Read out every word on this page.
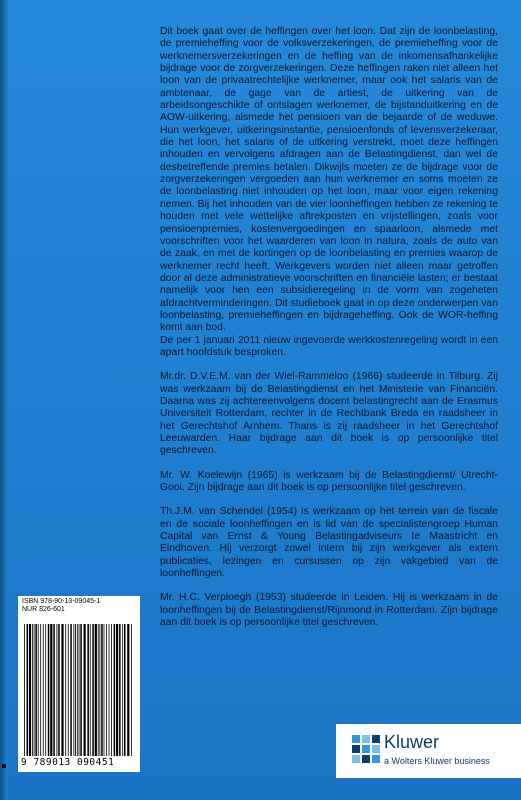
Dit boek gaat over de heffingen over het loon. Dat zijn de loonbelasting, de premieheffing voor de volksverzekeringen, de premieheffing voor de werknemersverzekeringen en de heffing van de inkomensafhankelijke bijdrage voor de zorgverzekeringen. Deze heffingen raken niet alleen het loon van de privaatrechtelijke werknemer, maar ook het salaris van de ambtenaar, de gage van de artiest, de uitkering van de arbeidsongeschikte of ontslagen werknemer, de bijstanduitkering en de AOW-uitkering, alsmede het pensioen van de bejaarde of de weduwe. Hun werkgever, uitkeringsinstantie, pensioenfonds of levensverzekeraar, die het loon, het salaris of de uitkering verstrekt, moet deze heffingen inhouden en vervolgens afdragen aan de Belastingdienst, dan wel de desbetreffende premies betalen. Dikwijls moeten ze de bijdrage voor de zorgverzekeringen vergoeden aan hun werknemer en soms moeten ze de loonbelasting niet inhouden op het loon, maar voor eigen rekening nemen. Bij het inhouden van de vier loonheffingen hebben ze rekening te houden met vele wettelijke aftrekposten en vrijstellingen, zoals voor pensioenpremies, kostenvergoedingen en spaarloon, alsmede met voorschriften voor het waarderen van loon in natura, zoals de auto van de zaak, en met de kortingen op de loonbelasting en premies waarop de werknemer recht heeft. Werkgevers worden niet alleen maar getroffen door al deze administratieve voorschriften en financiële lasten; er bestaat namelijk voor hen een subsidieregeling in de vorm van zogeheten afdrachtverminderingen. Dit studieboek gaat in op deze onderwerpen van loonbelasting, premieheffingen en bijdrageheffing. Ook de WOR-heffing komt aan bod.

De per 1 januari 2011 nieuw ingevoerde werkkostenregeling wordt in een apart hoofdstuk besproken.

Mr.dr. D.V.E.M. van der Wiel-Rammeloo (1966) studeerde in Tilburg. Zij was werkzaam bij de Belastingdienst en het Ministerie van Financiën. Daarna was zij achtereenvolgens docent belastingrecht aan de Erasmus Universiteit Rotterdam, rechter in de Rechtbank Breda en raadsheer in het Gerechtshof Arnhem. Thans is zij raadsheer in het Gerechtshof Leeuwarden. Haar bijdrage aan dit boek is op persoonlijke titel geschreven.

Mr. W. Koelewijn (1965) is werkzaam bij de Belastingdienst/ Utrecht-Gooi. Zijn bijdrage aan dit boek is op persoonlijke titel geschreven.

Th.J.M. van Schendel (1954) is werkzaam op het terrein van de fiscale en de sociale loonheffingen en is lid van de specialistengroep Human Capital van Ernst & Young Belastingadviseurs te Maastricht en Eindhoven. Hij verzorgt zowel intern bij zijn werkgever als extern publicaties, lezingen en cursussen op zijn vakgebied van de loonheffingen.

Mr. H.C. Verploegh (1953) studeerde in Leiden. Hij is werkzaam in de loonheffingen bij de Belastingdienst/Rijnmond in Rotterdam. Zijn bijdrage aan dit boek is op persoonlijke titel geschreven.

ISBN 978-90-13-09045-1
NUR 826-601
9 789013 090451
Kluwer
a Wolters Kluwer business
